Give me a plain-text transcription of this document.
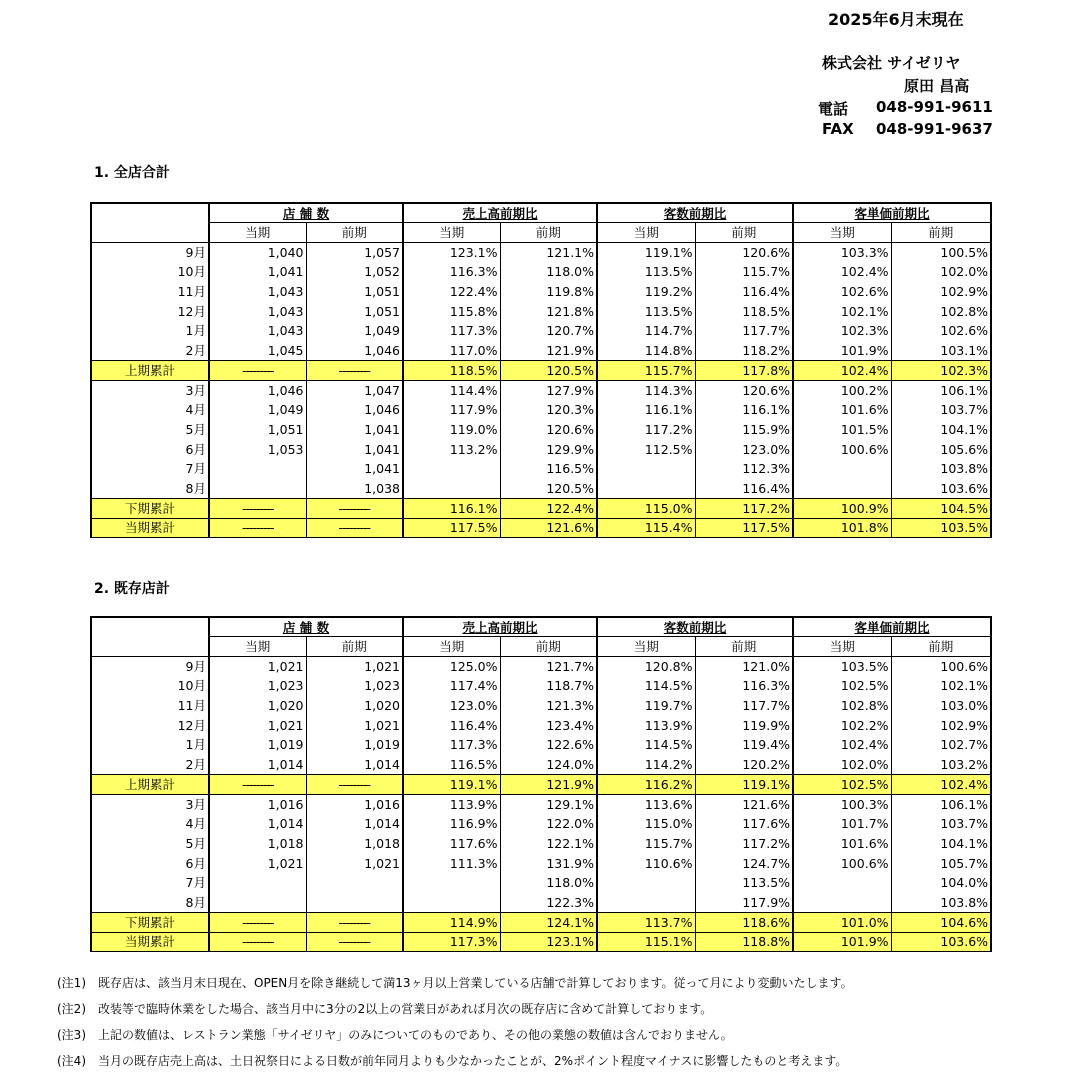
2025年6月末現在
株式会社 サイゼリヤ
原田 昌高
電話 048-991-9611
FAX 048-991-9637
1. 全店合計
	店 舗 数		売上高前期比		客数前期比		客単価前期比	
	当期	前期	当期	前期	当期	前期	当期	前期
9月	1,040	1,057	123.1%	121.1%	119.1%	120.6%	103.3%	100.5%
10月	1,041	1,052	116.3%	118.0%	113.5%	115.7%	102.4%	102.0%
11月	1,043	1,051	122.4%	119.8%	119.2%	116.4%	102.6%	102.9%
12月	1,043	1,051	115.8%	121.8%	113.5%	118.5%	102.1%	102.8%
1月	1,043	1,049	117.3%	120.7%	114.7%	117.7%	102.3%	102.6%
2月	1,045	1,046	117.0%	121.9%	114.8%	118.2%	101.9%	103.1%
上期累計	---------	---------	118.5%	120.5%	115.7%	117.8%	102.4%	102.3%
3月	1,046	1,047	114.4%	127.9%	114.3%	120.6%	100.2%	106.1%
4月	1,049	1,046	117.9%	120.3%	116.1%	116.1%	101.6%	103.7%
5月	1,051	1,041	119.0%	120.6%	117.2%	115.9%	101.5%	104.1%
6月	1,053	1,041	113.2%	129.9%	112.5%	123.0%	100.6%	105.6%
7月		1,041		116.5%		112.3%		103.8%
8月		1,038		120.5%		116.4%		103.6%
下期累計	---------	---------	116.1%	122.4%	115.0%	117.2%	100.9%	104.5%
当期累計	---------	---------	117.5%	121.6%	115.4%	117.5%	101.8%	103.5%
2. 既存店計
	店 舗 数		売上高前期比		客数前期比		客単価前期比	
	当期	前期	当期	前期	当期	前期	当期	前期
9月	1,021	1,021	125.0%	121.7%	120.8%	121.0%	103.5%	100.6%
10月	1,023	1,023	117.4%	118.7%	114.5%	116.3%	102.5%	102.1%
11月	1,020	1,020	123.0%	121.3%	119.7%	117.7%	102.8%	103.0%
12月	1,021	1,021	116.4%	123.4%	113.9%	119.9%	102.2%	102.9%
1月	1,019	1,019	117.3%	122.6%	114.5%	119.4%	102.4%	102.7%
2月	1,014	1,014	116.5%	124.0%	114.2%	120.2%	102.0%	103.2%
上期累計	---------	---------	119.1%	121.9%	116.2%	119.1%	102.5%	102.4%
3月	1,016	1,016	113.9%	129.1%	113.6%	121.6%	100.3%	106.1%
4月	1,014	1,014	116.9%	122.0%	115.0%	117.6%	101.7%	103.7%
5月	1,018	1,018	117.6%	122.1%	115.7%	117.2%	101.6%	104.1%
6月	1,021	1,021	111.3%	131.9%	110.6%	124.7%	100.6%	105.7%
7月				118.0%		113.5%		104.0%
8月				122.3%		117.9%		103.8%
下期累計	---------	---------	114.9%	124.1%	113.7%	118.6%	101.0%	104.6%
当期累計	---------	---------	117.3%	123.1%	115.1%	118.8%	101.9%	103.6%
(注1)　既存店は、該当月末日現在、OPEN月を除き継続して満13ヶ月以上営業している店舗で計算しております。従って月により変動いたします。
(注2)　改装等で臨時休業をした場合、該当月中に3分の2以上の営業日があれば月次の既存店に含めて計算しております。
(注3)　上記の数値は、レストラン業態「サイゼリヤ」のみについてのものであり、その他の業態の数値は含んでおりません。
(注4)　当月の既存店売上高は、土日祝祭日による日数が前年同月よりも少なかったことが、2%ポイント程度マイナスに影響したものと考えます。
